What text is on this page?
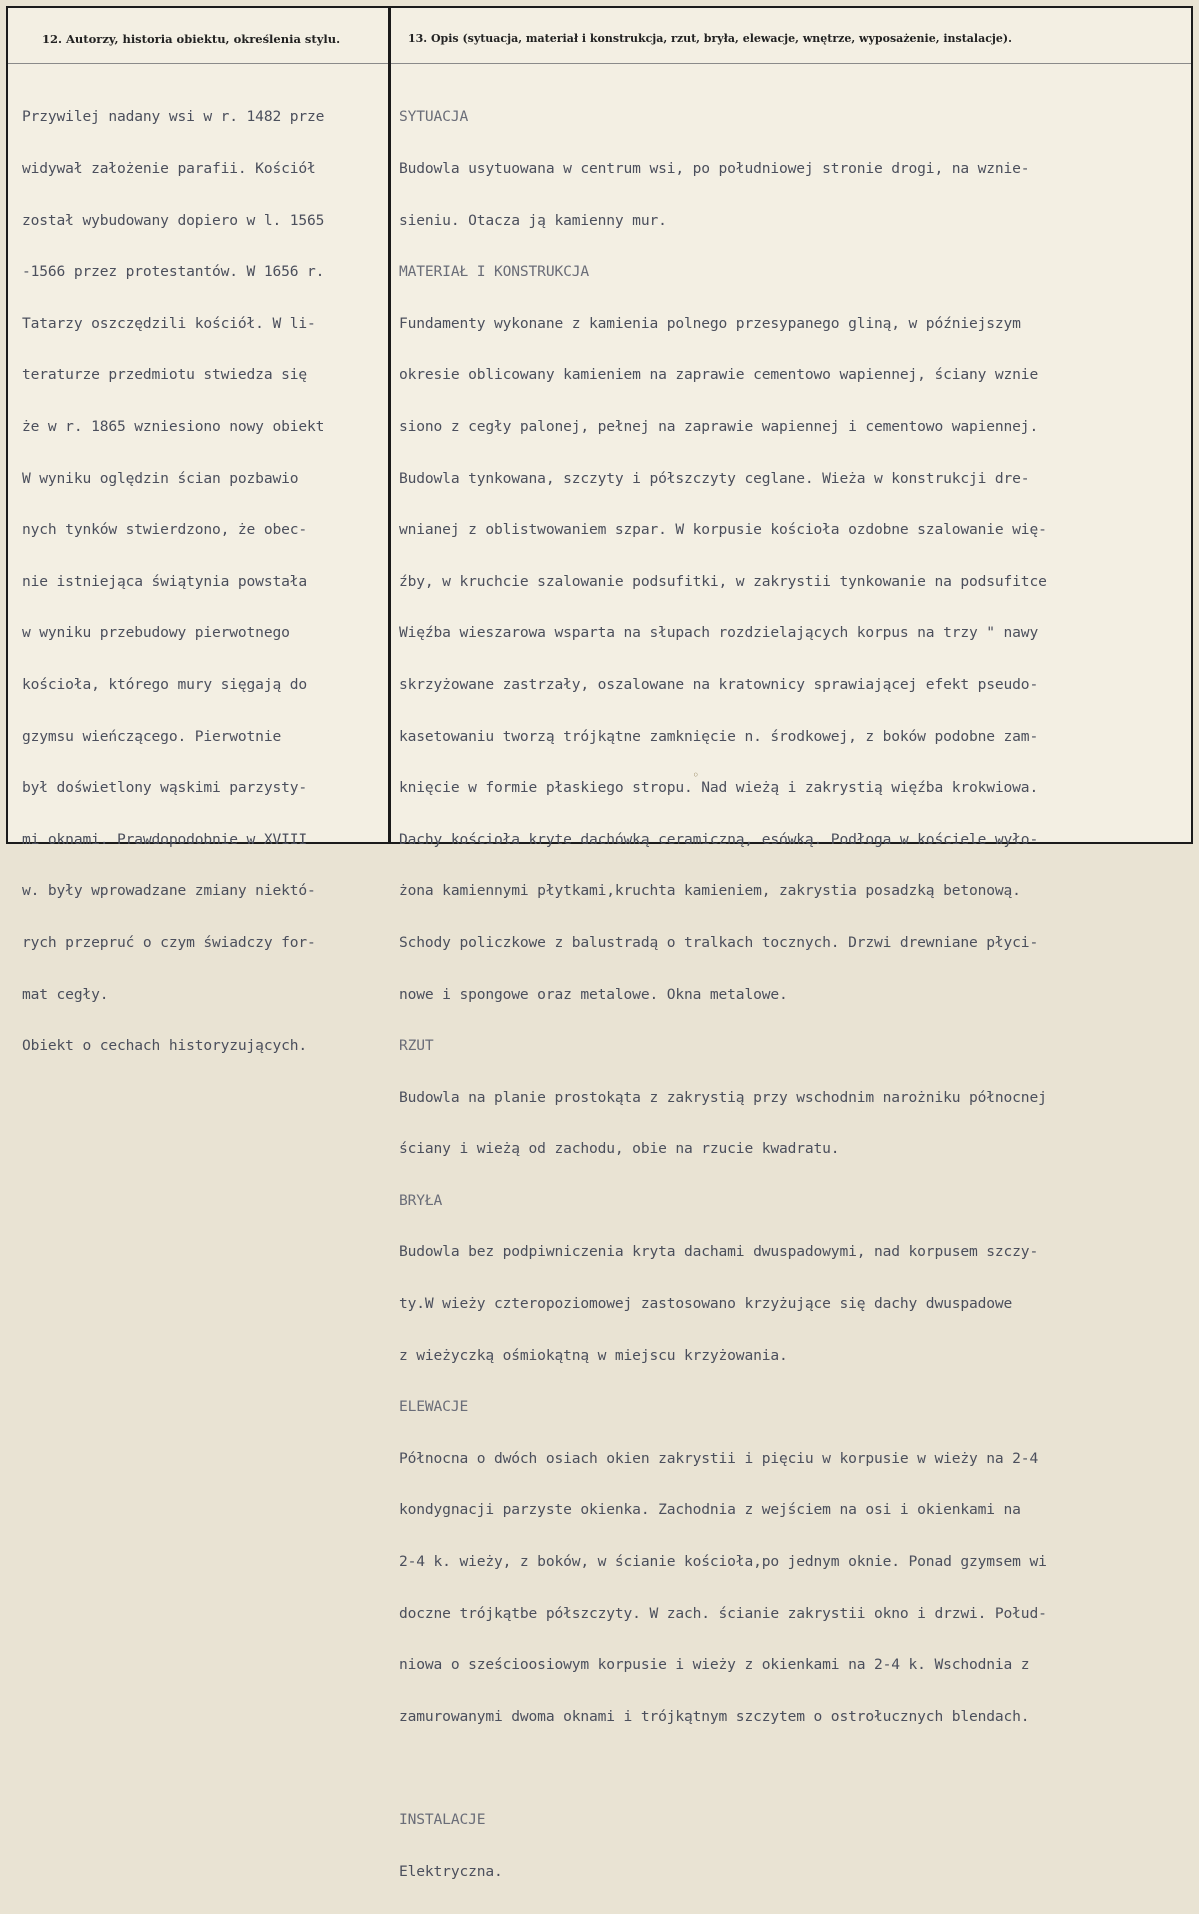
12. Autorzy, historia obiektu, określenia stylu.	13. Opis (sytuacja, materiał i konstrukcja, rzut, bryła, elewacje, wnętrze, wyposażenie, instalacje).

Przywilej nadany wsi w r. 1482 prze

widywał założenie parafii. Kościół

został wybudowany dopiero w l. 1565

-1566 przez protestantów. W 1656 r.

Tatarzy oszczędzili kościół. W li-

teraturze przedmiotu stwiedza się

że w r. 1865 wzniesiono nowy obiekt

W wyniku oględzin ścian pozbawio

nych tynków stwierdzono, że obec-

nie istniejąca świątynia powstała

w wyniku przebudowy pierwotnego

kościoła, którego mury sięgają do

gzymsu wieńczącego. Pierwotnie

był doświetlony wąskimi parzysty-

mi oknami. Prawdopodobnie w XVIII

w. były wprowadzane zmiany niektó-

rych przepruć o czym świadczy for-

mat cegły.

Obiekt o cechach historyzujących.

SYTUACJA

Budowla usytuowana w centrum wsi, po południowej stronie drogi, na wznie-

sieniu. Otacza ją kamienny mur.

MATERIAŁ I KONSTRUKCJA

Fundamenty wykonane z kamienia polnego przesypanego gliną, w późniejszym

okresie oblicowany kamieniem na zaprawie cementowo wapiennej, ściany wznie

siono z cegły palonej, pełnej na zaprawie wapiennej i cementowo wapiennej.

Budowla tynkowana, szczyty i półszczyty ceglane. Wieża w konstrukcji dre-

wnianej z oblistwowaniem szpar. W korpusie kościoła ozdobne szalowanie wię-

źby, w kruchcie szalowanie podsufitki, w zakrystii tynkowanie na podsufitce

Więźba wieszarowa wsparta na słupach rozdzielających korpus na trzy " nawy

skrzyżowane zastrzały, oszalowane na kratownicy sprawiającej efekt pseudo-

kasetowaniu tworzą trójkątne zamknięcie n. środkowej, z boków podobne zam-

knięcie w formie płaskiego stropu. Nad wieżą i zakrystią więźba krokwiowa.

Dachy kościoła kryte dachówką ceramiczną, esówką. Podłoga w kościele wyło-

żona kamiennymi płytkami,kruchta kamieniem, zakrystia posadzką betonową.

Schody policzkowe z balustradą o tralkach tocznych. Drzwi drewniane płyci-

nowe i spongowe oraz metalowe. Okna metalowe.

RZUT

Budowla na planie prostokąta z zakrystią przy wschodnim narożniku północnej

ściany i wieżą od zachodu, obie na rzucie kwadratu.

BRYŁA

Budowla bez podpiwniczenia kryta dachami dwuspadowymi, nad korpusem szczy-

ty.W wieży czteropoziomowej zastosowano krzyżujące się dachy dwuspadowe

z wieżyczką ośmiokątną w miejscu krzyżowania.

ELEWACJE

Północna o dwóch osiach okien zakrystii i pięciu w korpusie w wieży na 2-4

kondygnacji parzyste okienka. Zachodnia z wejściem na osi i okienkami na

2-4 k. wieży, z boków, w ścianie kościoła,po jednym oknie. Ponad gzymsem wi

doczne trójkątbe półszczyty. W zach. ścianie zakrystii okno i drzwi. Połud-

niowa o sześcioosiowym korpusie i wieży z okienkami na 2-4 k. Wschodnia z

zamurowanymi dwoma oknami i trójkątnym szczytem o ostrołucznych blendach.

INSTALACJE

Elektryczna.

◦
